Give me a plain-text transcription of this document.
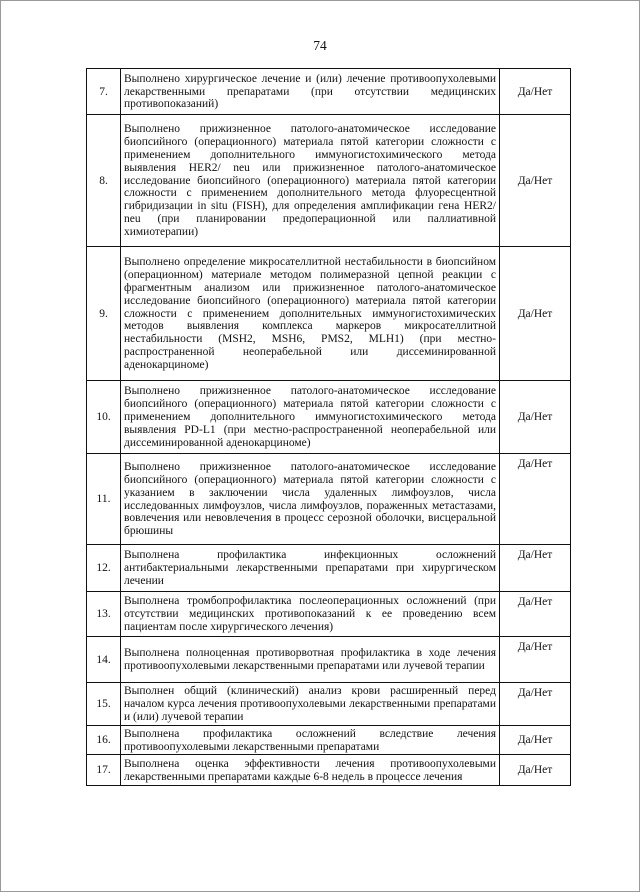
74
7.	Выполнено хирургическое лечение и (или) лечение противоопухолевыми лекарственными препаратами (при отсутствии медицинских противопоказаний)	Да/Нет
8.	Выполнено прижизненное патолого-анатомическое исследование биопсийного (операционного) материала пятой категории сложности с применением дополнительного иммуногистохимического метода выявления HER2/ neu или прижизненное патолого-анатомическое исследование биопсийного (операционного) материала пятой категории сложности с применением дополнительного метода флуоресцентной гибридизации in situ (FISH), для определения амплификации гена HER2/ neu (при планировании предоперационной или паллиативной химиотерапии)	Да/Нет
9.	Выполнено определение микросателлитной нестабильности в биопсийном (операционном) материале методом полимеразной цепной реакции с фрагментным анализом или прижизненное патолого-анатомическое исследование биопсийного (операционного) материала пятой категории сложности с применением дополнительных иммуногистохимических методов выявления комплекса маркеров микросателлитной нестабильности (MSH2, MSH6, PMS2, MLH1) (при местно-распространенной неоперабельной или диссеминированной аденокарциноме)	Да/Нет
10.	Выполнено прижизненное патолого-анатомическое исследование биопсийного (операционного) материала пятой категории сложности с применением дополнительного иммуногистохимического метода выявления PD-L1 (при местно-распространенной неоперабельной или диссеминированной аденокарциноме)	Да/Нет
11.	Выполнено прижизненное патолого-анатомическое исследование биопсийного (операционного) материала пятой категории сложности с указанием в заключении числа удаленных лимфоузлов, числа исследованных лимфоузлов, числа лимфоузлов, пораженных метастазами, вовлечения или невовлечения в процесс серозной оболочки, висцеральной брюшины	Да/Нет
12.	Выполнена профилактика инфекционных осложнений антибактериальными лекарственными препаратами при хирургическом лечении	Да/Нет
13.	Выполнена тромбопрофилактика послеоперационных осложнений (при отсутствии медицинских противопоказаний к ее проведению всем пациентам после хирургического лечения)	Да/Нет
14.	Выполнена полноценная противорвотная профилактика в ходе лечения противоопухолевыми лекарственными препаратами или лучевой терапии	Да/Нет
15.	Выполнен общий (клинический) анализ крови расширенный перед началом курса лечения противоопухолевыми лекарственными препаратами и (или) лучевой терапии	Да/Нет
16.	Выполнена профилактика осложнений вследствие лечения противоопухолевыми лекарственными препаратами	Да/Нет
17.	Выполнена оценка эффективности лечения противоопухолевыми лекарственными препаратами каждые 6-8 недель в процессе лечения	Да/Нет
